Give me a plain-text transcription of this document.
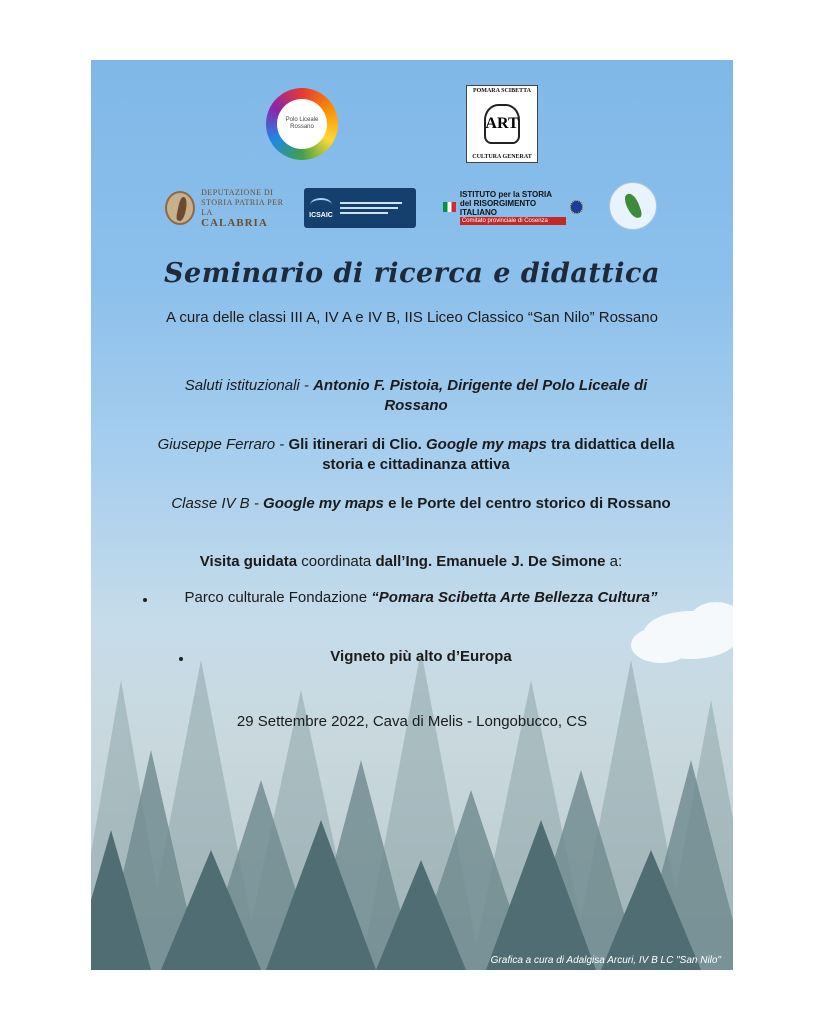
Polo Liceale
Rossano
POMARA SCIBETTA
ART
CULTURA GENERAT
DEPUTAZIONE DI
STORIA PATRIA PER LA
CALABRIA
ICSAIC
ISTITUTO per la STORIA
del RISORGIMENTO ITALIANO
Comitato provinciale di Cosenza
Seminario di ricerca e didattica
A cura delle classi III A, IV A e IV B, IIS Liceo Classico “San Nilo” Rossano
Saluti istituzionali - Antonio F. Pistoia, Dirigente del Polo Liceale di Rossano
Giuseppe Ferraro - Gli itinerari di Clio. Google my maps tra didattica della storia e cittadinanza attiva
Classe IV B - Google my maps e le Porte del centro storico di Rossano
Visita guidata coordinata dall’Ing. Emanuele J. De Simone a:
Parco culturale Fondazione “Pomara Scibetta Arte Bellezza Cultura”
Vigneto più alto d’Europa
29 Settembre 2022, Cava di Melis - Longobucco, CS
Grafica a cura di Adalgisa Arcuri, IV B LC "San Nilo"
